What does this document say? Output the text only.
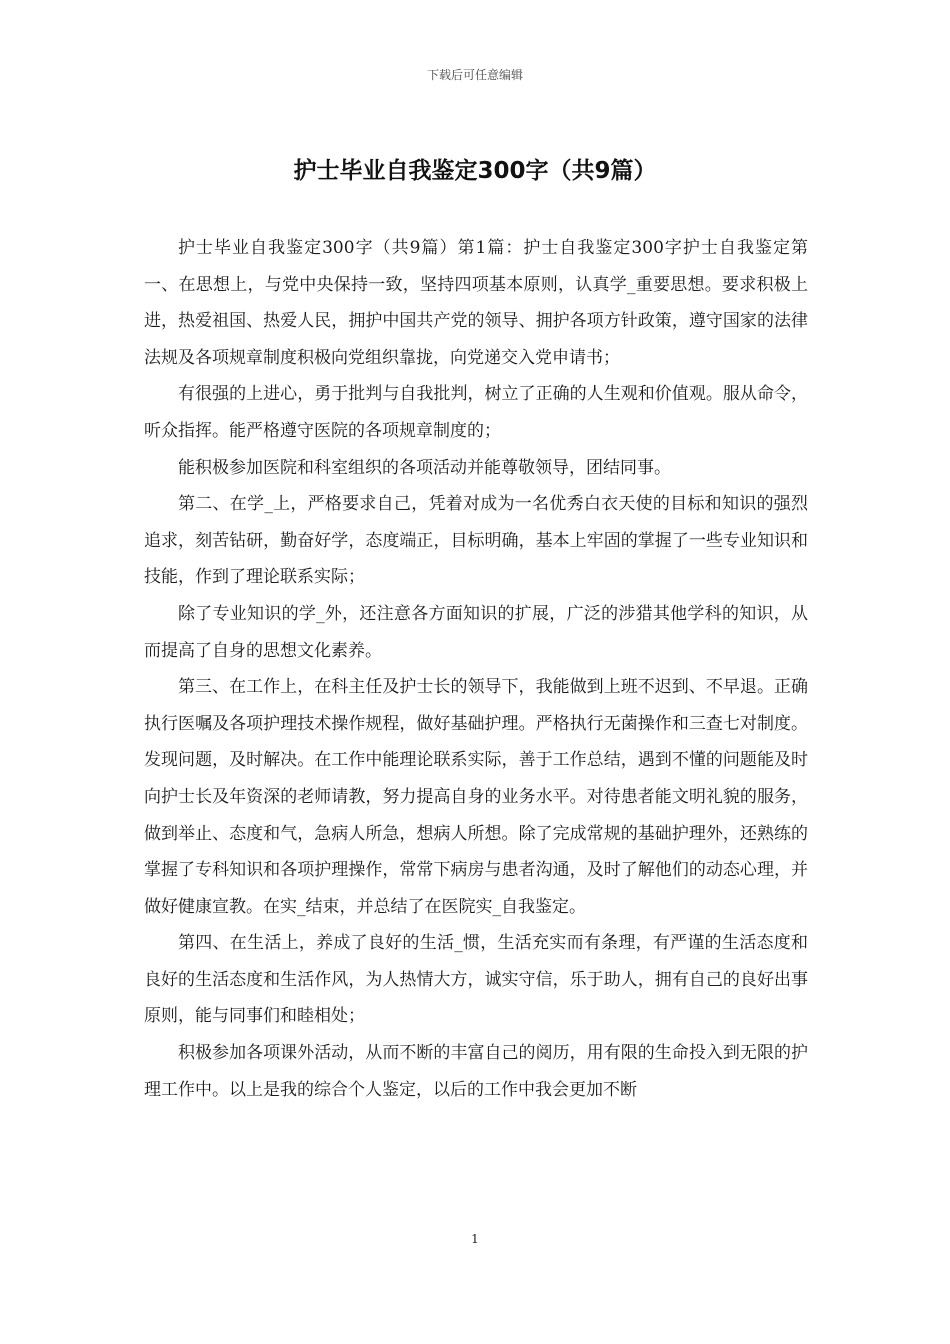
下载后可任意编辑
护士毕业自我鉴定300字（共9篇）

护士毕业自我鉴定300字（共9篇）第1篇：护士自我鉴定300字护士自我鉴定第一、在思想上，与党中央保持一致，坚持四项基本原则，认真学_重要思想。要求积极上进，热爱祖国、热爱人民，拥护中国共产党的领导、拥护各项方针政策，遵守国家的法律法规及各项规章制度积极向党组织靠拢，向党递交入党申请书；

有很强的上进心，勇于批判与自我批判，树立了正确的人生观和价值观。服从命令，听众指挥。能严格遵守医院的各项规章制度的；

能积极参加医院和科室组织的各项活动并能尊敬领导，团结同事。

第二、在学_上，严格要求自己，凭着对成为一名优秀白衣天使的目标和知识的强烈追求，刻苦钻研，勤奋好学，态度端正，目标明确，基本上牢固的掌握了一些专业知识和技能，作到了理论联系实际；

除了专业知识的学_外，还注意各方面知识的扩展，广泛的涉猎其他学科的知识，从而提高了自身的思想文化素养。

第三、在工作上，在科主任及护士长的领导下，我能做到上班不迟到、不早退。正确执行医嘱及各项护理技术操作规程，做好基础护理。严格执行无菌操作和三查七对制度。发现问题，及时解决。在工作中能理论联系实际，善于工作总结，遇到不懂的问题能及时向护士长及年资深的老师请教，努力提高自身的业务水平。对待患者能文明礼貌的服务，做到举止、态度和气，急病人所急，想病人所想。除了完成常规的基础护理外，还熟练的掌握了专科知识和各项护理操作，常常下病房与患者沟通，及时了解他们的动态心理，并做好健康宣教。在实_结束，并总结了在医院实_自我鉴定。

第四、在生活上，养成了良好的生活_惯，生活充实而有条理，有严谨的生活态度和良好的生活态度和生活作风，为人热情大方，诚实守信，乐于助人，拥有自己的良好出事原则，能与同事们和睦相处；

积极参加各项课外活动，从而不断的丰富自己的阅历，用有限的生命投入到无限的护理工作中。以上是我的综合个人鉴定，以后的工作中我会更加不断

1
